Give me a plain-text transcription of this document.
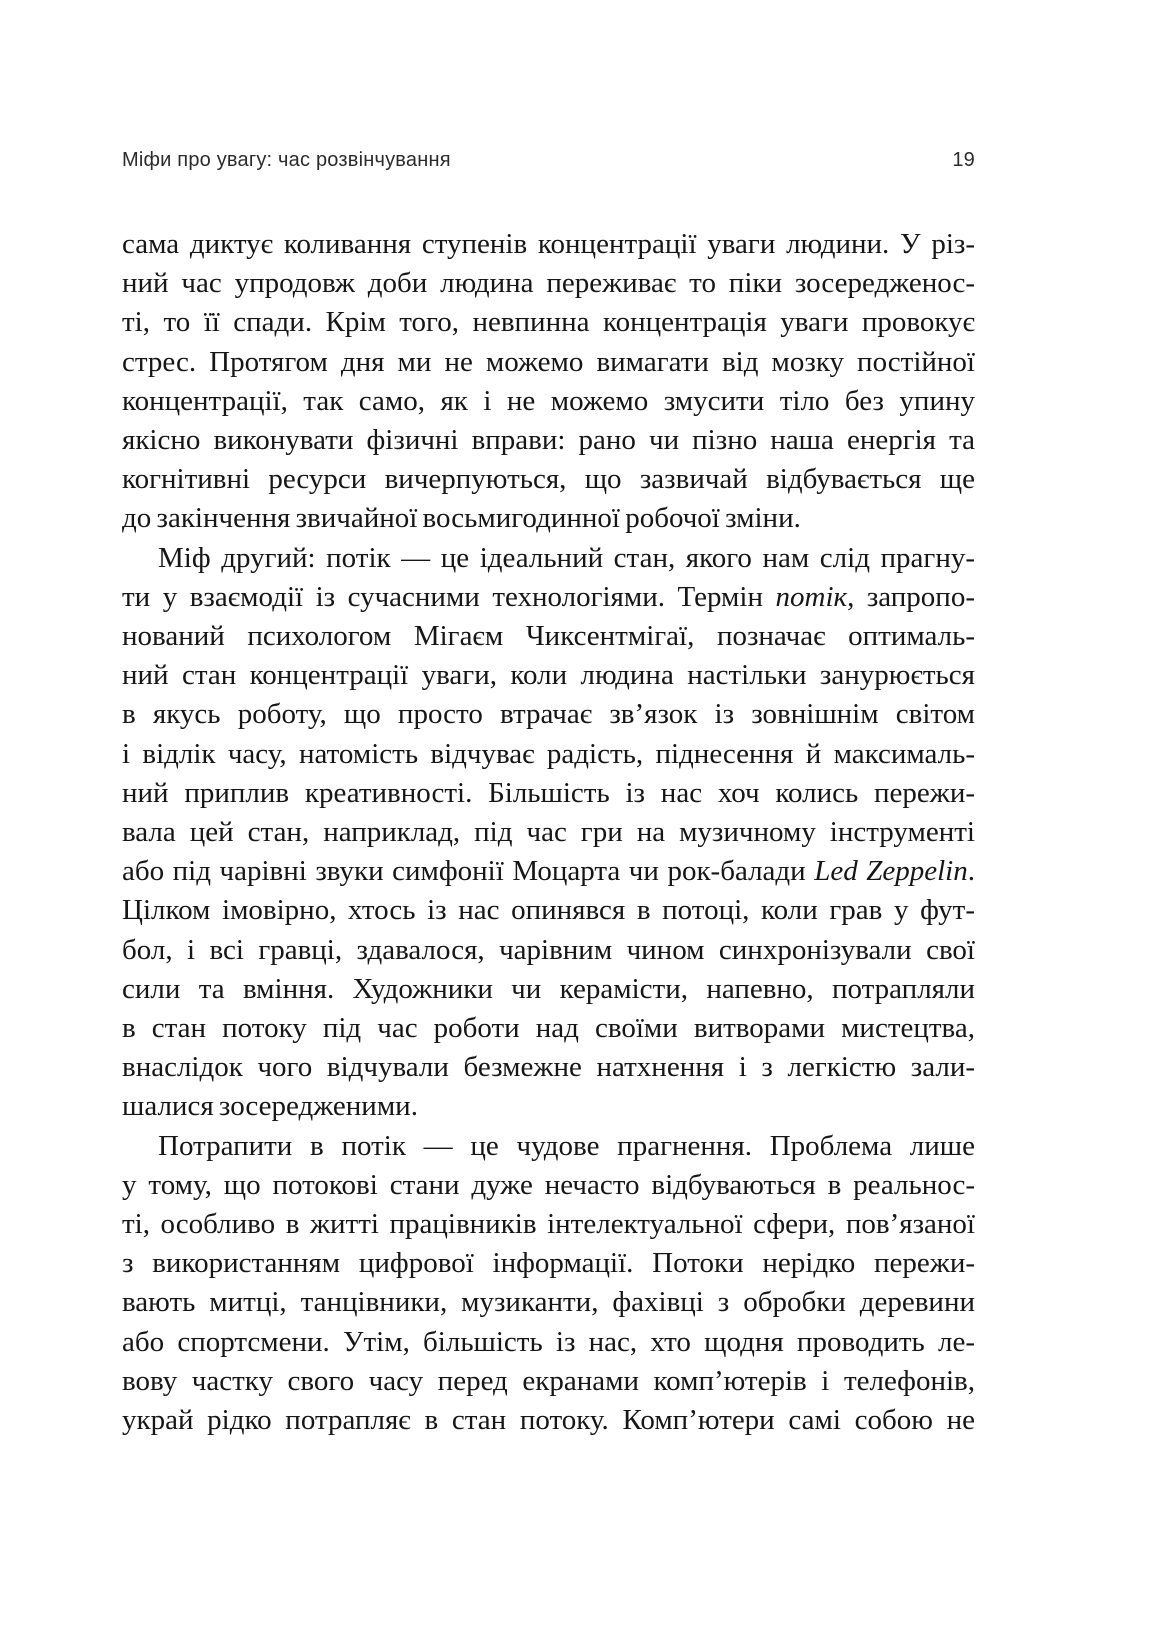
Міфи про увагу: час розвінчування	19
сама диктує коливання ступенів концентрації уваги людини. У різ-
ний час упродовж доби людина переживає то піки зосередженос-
ті, то її спади. Крім того, невпинна концентрація уваги провокує
стрес. Протягом дня ми не можемо вимагати від мозку постійної
концентрації, так само, як і не можемо змусити тіло без упину
якісно виконувати фізичні вправи: рано чи пізно наша енергія та
когнітивні ресурси вичерпуються, що зазвичай відбувається ще
до закінчення звичайної восьмигодинної робочої зміни.
Міф другий: потік — це ідеальний стан, якого нам слід прагну-
ти у взаємодії із сучасними технологіями. Термін потік, запропо-
нований психологом Мігаєм Чиксентмігаї, позначає оптималь-
ний стан концентрації уваги, коли людина настільки занурюється
в якусь роботу, що просто втрачає зв’язок із зовнішнім світом
і відлік часу, натомість відчуває радість, піднесення й максималь-
ний приплив креативності. Більшість із нас хоч колись пережи-
вала цей стан, наприклад, під час гри на музичному інструменті
або під чарівні звуки симфонії Моцарта чи рок-балади Led Zeppelin.
Цілком імовірно, хтось із нас опинявся в потоці, коли грав у фут-
бол, і всі гравці, здавалося, чарівним чином синхронізували свої
сили та вміння. Художники чи керамісти, напевно, потрапляли
в стан потоку під час роботи над своїми витворами мистецтва,
внаслідок чого відчували безмежне натхнення і з легкістю зали-
шалися зосередженими.
Потрапити в потік — це чудове прагнення. Проблема лише
у тому, що потокові стани дуже нечасто відбуваються в реальнос-
ті, особливо в житті працівників інтелектуальної сфери, пов’язаної
з використанням цифрової інформації. Потоки нерідко пережи-
вають митці, танцівники, музиканти, фахівці з обробки деревини
або спортсмени. Утім, більшість із нас, хто щодня проводить ле-
вову частку свого часу перед екранами комп’ютерів і телефонів,
украй рідко потрапляє в стан потоку. Комп’ютери самі собою не
